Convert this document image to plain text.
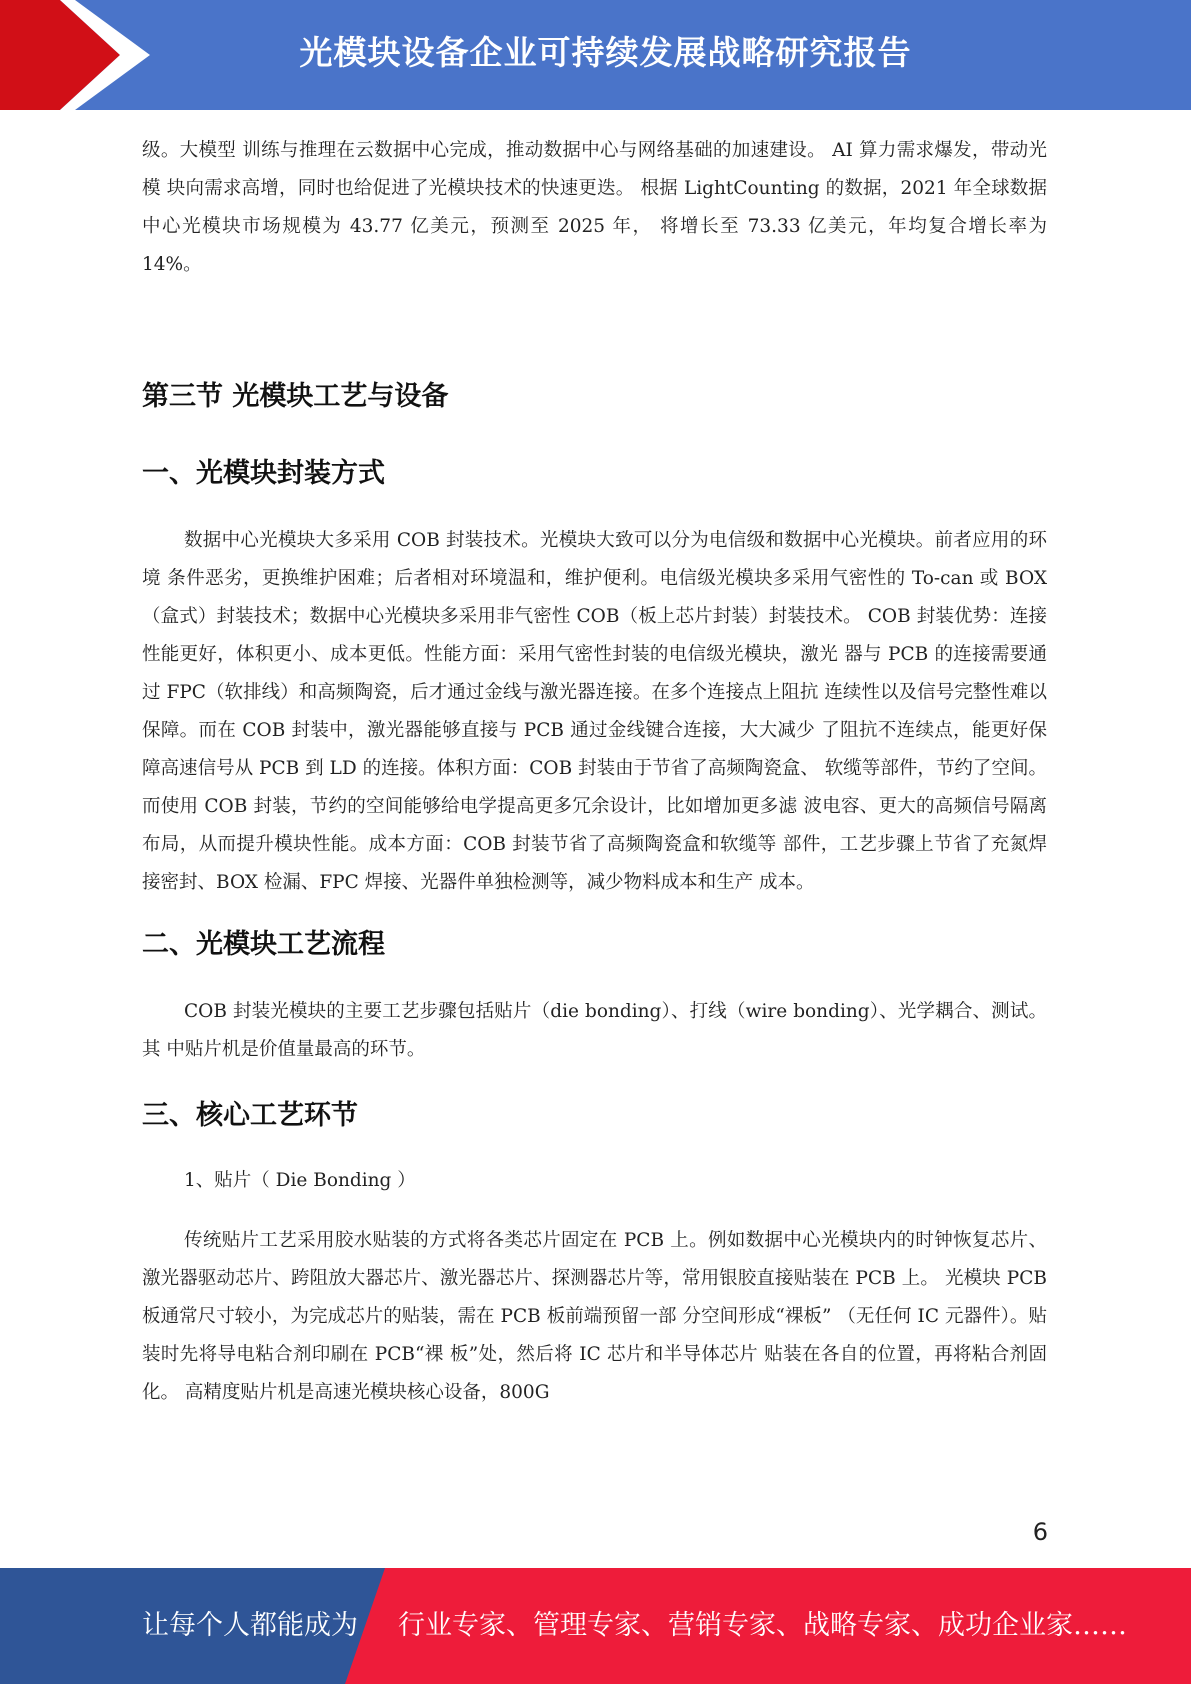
光模块设备企业可持续发展战略研究报告

级。大模型 训练与推理在云数据中心完成，推动数据中心与网络基础的加速建设。 AI 算力需求爆发，带动光模 块向需求高增，同时也给促进了光模块技术的快速更迭。 根据 LightCounting 的数据，2021 年全球数据中心光模块市场规模为 43.77 亿美元，预测至 2025 年， 将增长至 73.33 亿美元，年均复合增长率为 14%。

第三节 光模块工艺与设备
一、光模块封装方式

数据中心光模块大多采用 COB 封装技术。光模块大致可以分为电信级和数据中心光模块。前者应用的环境 条件恶劣，更换维护困难；后者相对环境温和，维护便利。电信级光模块多采用气密性的 To-can 或 BOX （盒式）封装技术；数据中心光模块多采用非气密性 COB（板上芯片封装）封装技术。 COB 封装优势：连接性能更好，体积更小、成本更低。性能方面：采用气密性封装的电信级光模块，激光 器与 PCB 的连接需要通过 FPC（软排线）和高频陶瓷，后才通过金线与激光器连接。在多个连接点上阻抗 连续性以及信号完整性难以保障。而在 COB 封装中，激光器能够直接与 PCB 通过金线键合连接，大大减少 了阻抗不连续点，能更好保障高速信号从 PCB 到 LD 的连接。体积方面：COB 封装由于节省了高频陶瓷盒、 软缆等部件，节约了空间。而使用 COB 封装，节约的空间能够给电学提高更多冗余设计，比如增加更多滤 波电容、更大的高频信号隔离布局，从而提升模块性能。成本方面：COB 封装节省了高频陶瓷盒和软缆等 部件，工艺步骤上节省了充氮焊接密封、BOX 检漏、FPC 焊接、光器件单独检测等，减少物料成本和生产 成本。

二、光模块工艺流程

COB 封装光模块的主要工艺步骤包括贴片（die bonding）、打线（wire bonding）、光学耦合、测试。其 中贴片机是价值量最高的环节。

三、核心工艺环节

1、贴片（ Die Bonding ）

传统贴片工艺采用胶水贴装的方式将各类芯片固定在 PCB 上。例如数据中心光模块内的时钟恢复芯片、 激光器驱动芯片、跨阻放大器芯片、激光器芯片、探测器芯片等，常用银胶直接贴装在 PCB 上。 光模块 PCB 板通常尺寸较小，为完成芯片的贴装，需在 PCB 板前端预留一部 分空间形成“裸板” （无任何 IC 元器件）。贴装时先将导电粘合剂印刷在 PCB“裸 板”处，然后将 IC 芯片和半导体芯片 贴装在各自的位置，再将粘合剂固化。 高精度贴片机是高速光模块核心设备，800G

6
让每个人都能成为 行业专家、管理专家、营销专家、战略专家、成功企业家……
